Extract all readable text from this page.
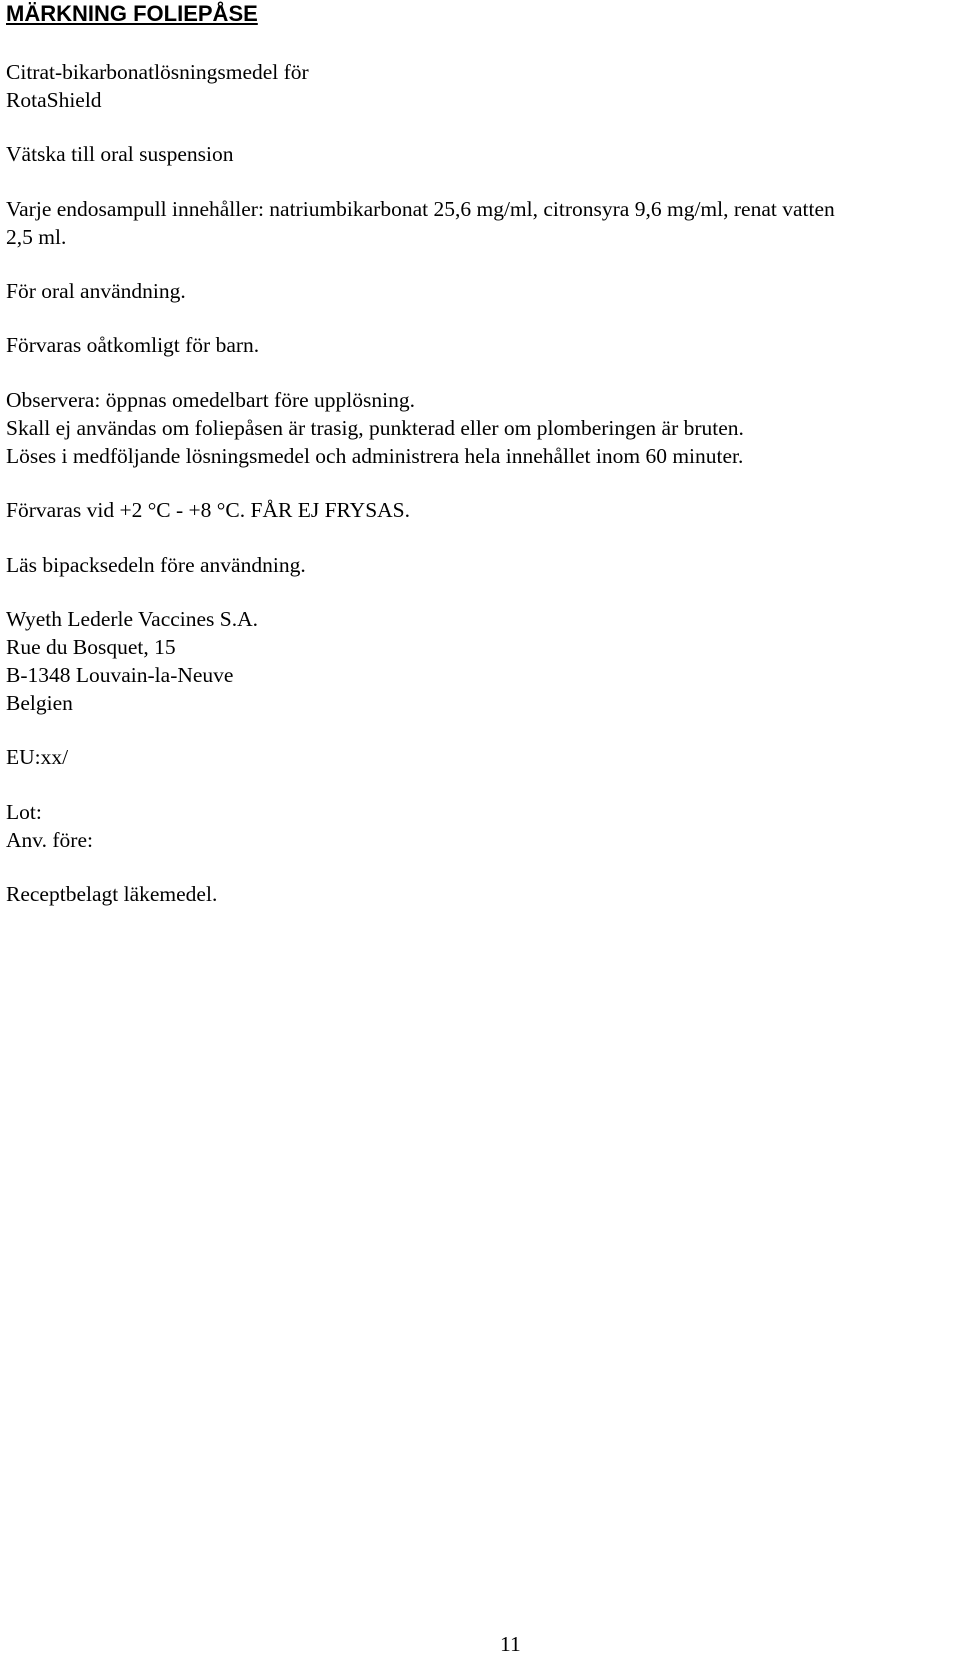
MÄRKNING FOLIEPÅSE
Citrat-bikarbonatlösningsmedel för
RotaShield
Vätska till oral suspension
Varje endosampull innehåller: natriumbikarbonat 25,6 mg/ml, citronsyra 9,6 mg/ml, renat vatten
2,5 ml.
För oral användning.
Förvaras oåtkomligt för barn.
Observera: öppnas omedelbart före upplösning.
Skall ej användas om foliepåsen är trasig, punkterad eller om plomberingen är bruten.
Löses i medföljande lösningsmedel och administrera hela innehållet inom 60 minuter.
Förvaras vid +2 °C - +8 °C. FÅR EJ FRYSAS.
Läs bipacksedeln före användning.
Wyeth Lederle Vaccines S.A.
Rue du Bosquet, 15
B-1348 Louvain-la-Neuve
Belgien
EU:xx/
Lot:
Anv. före:
Receptbelagt läkemedel.
11
